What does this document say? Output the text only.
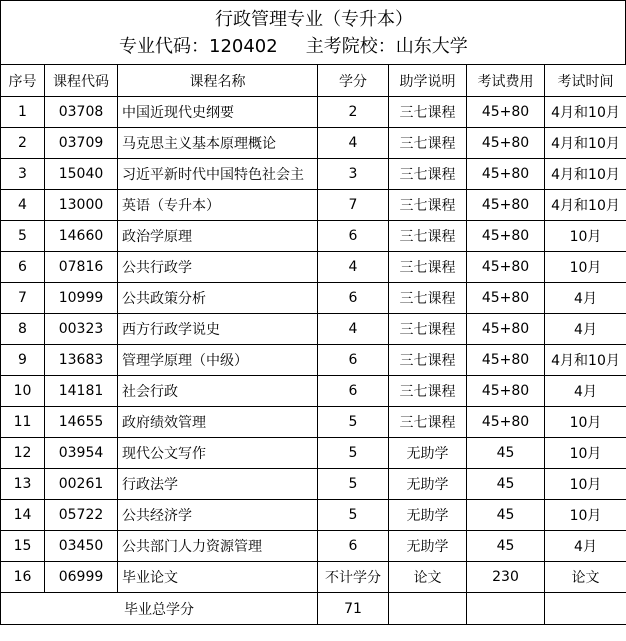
行政管理专业（专升本）
专业代码：120402 主考院校：山东大学
序号	课程代码	课程名称	学分	助学说明	考试费用	考试时间
1	03708	中国近现代史纲要	2	三七课程	45+80	4月和10月
2	03709	马克思主义基本原理概论	4	三七课程	45+80	4月和10月
3	15040	习近平新时代中国特色社会主	3	三七课程	45+80	4月和10月
4	13000	英语（专升本）	7	三七课程	45+80	4月和10月
5	14660	政治学原理	6	三七课程	45+80	10月
6	07816	公共行政学	4	三七课程	45+80	10月
7	10999	公共政策分析	6	三七课程	45+80	4月
8	00323	西方行政学说史	4	三七课程	45+80	4月
9	13683	管理学原理（中级）	6	三七课程	45+80	4月和10月
10	14181	社会行政	6	三七课程	45+80	4月
11	14655	政府绩效管理	5	三七课程	45+80	10月
12	03954	现代公文写作	5	无助学	45	10月
13	00261	行政法学	5	无助学	45	10月
14	05722	公共经济学	5	无助学	45	10月
15	03450	公共部门人力资源管理	6	无助学	45	4月
16	06999	毕业论文	不计学分	论文	230	论文
毕业总学分			71			
